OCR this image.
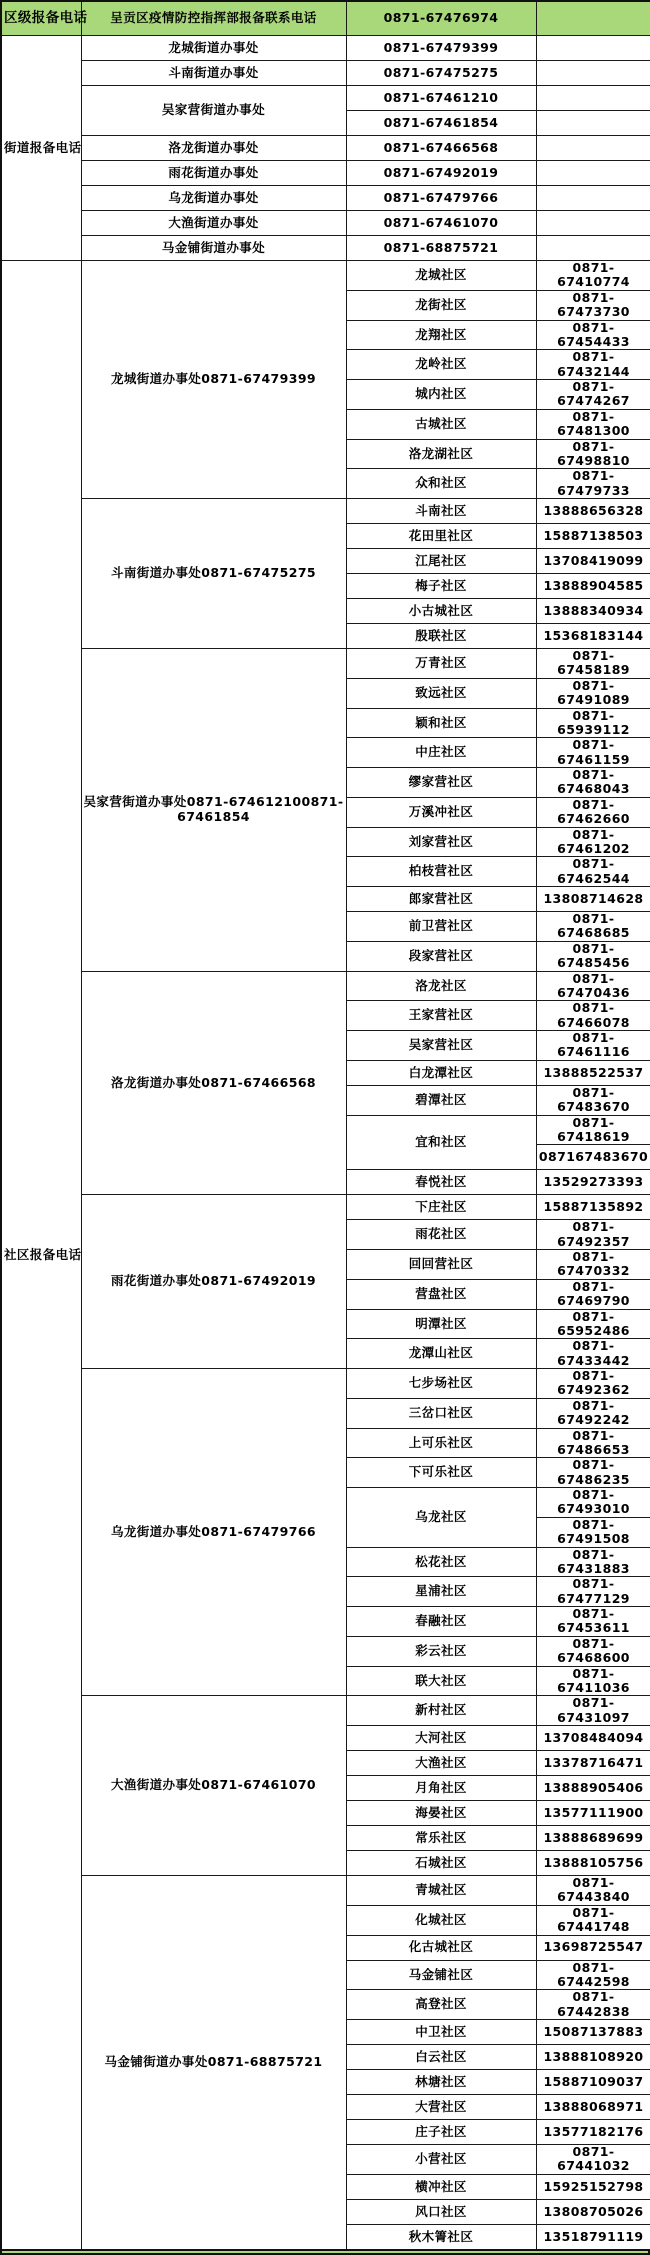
区级报备电话	呈贡区疫情防控指挥部报备联系电话	0871-67476974		
街道报备电话	龙城街道办事处	0871-67479399		
	斗南街道办事处	0871-67475275		
	吴家营街道办事处	0871-67461210		
		0871-67461854		
	洛龙街道办事处	0871-67466568		
	雨花街道办事处	0871-67492019		
	乌龙街道办事处	0871-67479766		
	大渔街道办事处	0871-67461070		
	马金铺街道办事处	0871-68875721		
社区报备电话	龙城街道办事处0871-67479399	龙城社区	0871-67410774	
		龙街社区	0871-67473730	
		龙翔社区	0871-67454433	
		龙岭社区	0871-67432144	
		城内社区	0871-67474267	
		古城社区	0871-67481300	
		洛龙湖社区	0871-67498810	
		众和社区	0871-67479733	
	斗南街道办事处0871-67475275	斗南社区	13888656328	
		花田里社区	15887138503	
		江尾社区	13708419099	
		梅子社区	13888904585	
		小古城社区	13888340934	
		殷联社区	15368183144	
	吴家营街道办事处0871-674612100871-67461854	万青社区	0871-67458189	
		致远社区	0871-67491089	
		颖和社区	0871-65939112	
		中庄社区	0871-67461159	
		缪家营社区	0871-67468043	
		万溪冲社区	0871-67462660	
		刘家营社区	0871-67461202	
		柏枝营社区	0871-67462544	
		郎家营社区	13808714628	
		前卫营社区	0871-67468685	
		段家营社区	0871-67485456	
	洛龙街道办事处0871-67466568	洛龙社区	0871-67470436	
		王家营社区	0871-67466078	
		吴家营社区	0871-67461116	
		白龙潭社区	13888522537	
		碧潭社区	0871-67483670	
		宜和社区	0871-67418619	
			087167483670	
		春悦社区	13529273393	
	雨花街道办事处0871-67492019	下庄社区	15887135892	
		雨花社区	0871-67492357	
		回回营社区	0871-67470332	
		营盘社区	0871-67469790	
		明潭社区	0871-65952486	
		龙潭山社区	0871-67433442	
	乌龙街道办事处0871-67479766	七步场社区	0871-67492362	
		三岔口社区	0871-67492242	
		上可乐社区	0871-67486653	
		下可乐社区	0871-67486235	
		乌龙社区	0871-67493010	
			0871-67491508	
		松花社区	0871-67431883	
		星浦社区	0871-67477129	
		春融社区	0871-67453611	
		彩云社区	0871-67468600	
		联大社区	0871-67411036	
	大渔街道办事处0871-67461070	新村社区	0871-67431097	
		大河社区	13708484094	
		大渔社区	13378716471	
		月角社区	13888905406	
		海晏社区	13577111900	
		常乐社区	13888689699	
		石城社区	13888105756	
	马金铺街道办事处0871-68875721	青城社区	0871-67443840	
		化城社区	0871-67441748	
		化古城社区	13698725547	
		马金铺社区	0871-67442598	
		高登社区	0871-67442838	
		中卫社区	15087137883	
		白云社区	13888108920	
		林塘社区	15887109037	
		大营社区	13888068971	
		庄子社区	13577182176	
		小营社区	0871-67441032	
		横冲社区	15925152798	
		风口社区	13808705026	
		秋木箐社区	13518791119	
